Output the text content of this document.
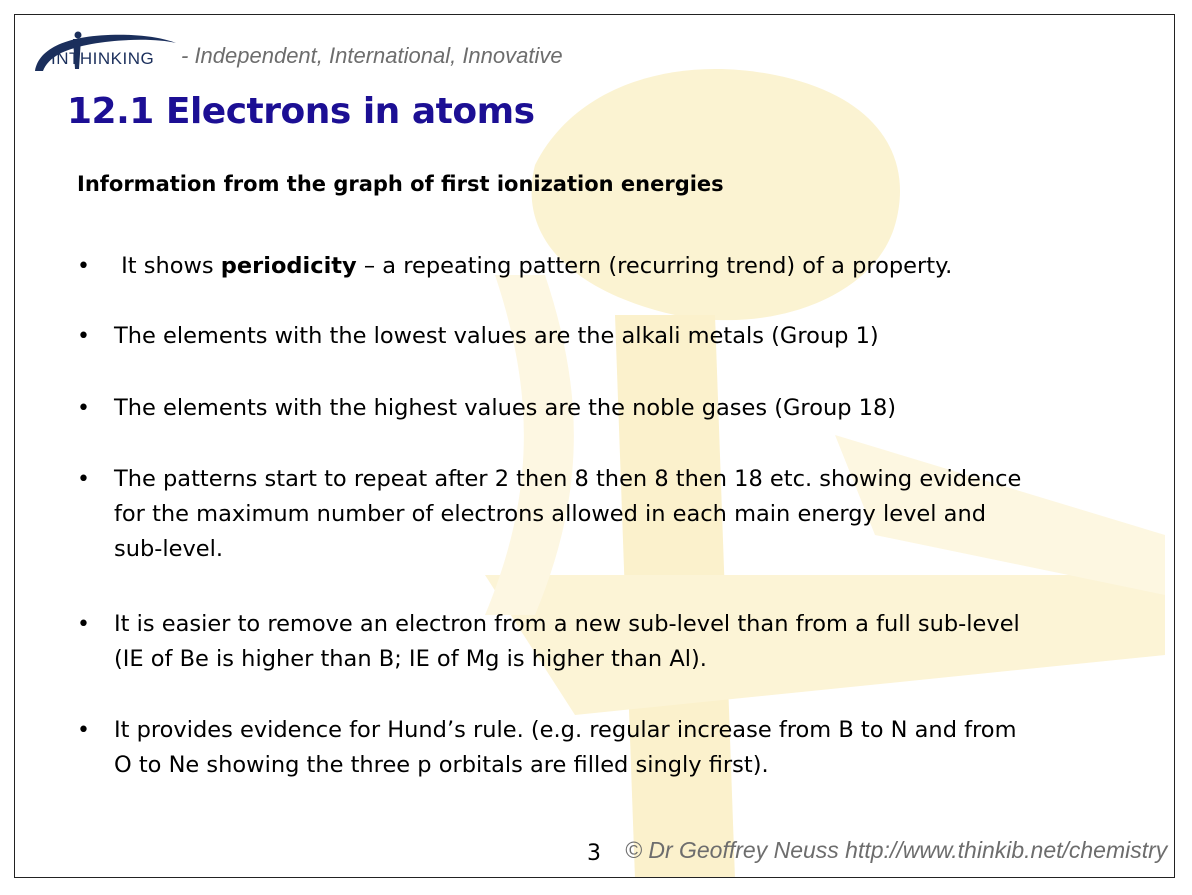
INTHINKING - Independent, International, Innovative
12.1 Electrons in atoms
Information from the graph of first ionization energies
• It shows periodicity – a repeating pattern (recurring trend) of a property.
• The elements with the lowest values are the alkali metals (Group 1)
• The elements with the highest values are the noble gases (Group 18)
• The patterns start to repeat after 2 then 8 then 8 then 18 etc. showing evidence
for the maximum number of electrons allowed in each main energy level and
sub-level.
• It is easier to remove an electron from a new sub-level than from a full sub-level
(IE of Be is higher than B; IE of Mg is higher than Al).
• It provides evidence for Hund’s rule. (e.g. regular increase from B to N and from
O to Ne showing the three p orbitals are filled singly first).
3 © Dr Geoffrey Neuss http://www.thinkib.net/chemistry
